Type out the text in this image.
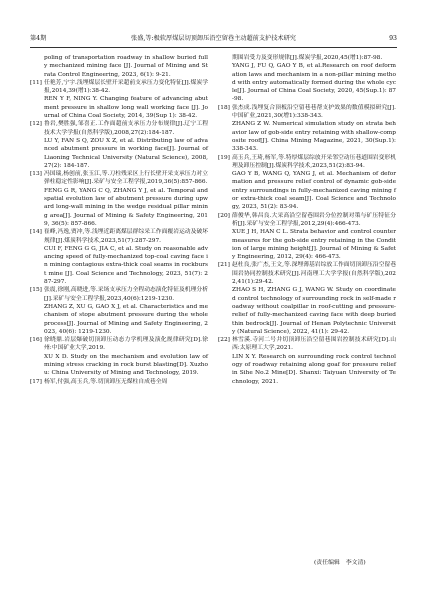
第4期	张盛,等:极软厚煤层切顶卸压沿空留巷主动超前支护技术研究	93
poling of transportation roadway in shallow buried fully mechanized mining face [J]. Journal of Mining and Strata Control Engineering, 2023, 6(1): 9-21.
[11] 任艳芳,宁宇.浅埋煤层长壁开采超前支承压力变化特征[J].煤炭学报,2014,39(增1):38-42.
REN Y F, NING Y. Changing feature of advancing abutment pressure in shallow long wall working face [J]. Journal of China Coal Society, 2014, 39(Sup 1): 38-42.
[12] 鲁岩,樊胜强,邹喜正.工作面超前支承压力分布规律[J].辽宁工程技术大学学报(自然科学版),2008,27(2):184-187.
LU Y, FAN S Q, ZOU X Z, et al. Distributing law of advanced abutment pressure in working face[J]. Journal of Liaoning Technical University (Natural Science), 2008, 27(2): 184-187.
[13] 冯国瑞,杨创前,张玉江,等.刀柱残采区上行长壁开采支承压力对立弹柱稳定性影响[J].采矿与安全工程学报,2019,36(5):857-866.
FENG G R, YANG C Q, ZHANG Y J, et al. Temporal and spatial evolution law of abutment pressure during upward long-wall mining in the wedge residual pillar mining area[J]. Journal of Mining & Safety Engineering, 2019, 36(5): 857-866.
[14] 崔峰,冯逸,贾冲,等.浅埋近距离煤层群综采工作面覆岩运动及破坏规律[J].煤炭科学技术,2023,51(7):287-297.
CUI F, FENG G G, JIA C, et al. Study on reasonable advancing speed of fully-mechanized top-coal caving face in mining contagious extra-thick coal seams in rockburst mine [J]. Coal Science and Technology, 2023, 51(7): 287-297.
[15] 张震,徐刚,高晓进,等.采场支承压力全程动态演化特征及机理分析[J].采矿与安全工程学报,2023,40(6):1219-1230.
ZHANG Z, XU G, GAO X J, et al. Characteristics and mechanism of stope abutment pressure during the whole process[J]. Journal of Mining and Safety Engineering, 2023, 40(6): 1219-1230.
[16] 徐晓鼎.岩层爆破切顶卸压动态力学机理及演化规律研究[D].徐州:中国矿业大学,2019.
XU X D. Study on the mechanism and evolution law of mining stress cracking in rock burst blasting[D]. Xuzhou: China University of Mining and Technology, 2019.
[17] 杨军,付强,高玉兵,等.切顶卸压无煤柱自成巷全周
期围岩受力及变形规律[J].煤炭学报,2020,45(增1):87-98.
YANG J, FU Q, GAO Y B, et al.Research on roof deformation laws and mechanism in a non-pillar mining method with entry automatically formed during the whole cycle[J]. Journal of China Coal Society, 2020, 45(Sup.1): 87-98.
[18] 张杰成.浅埋复合顶板沿空留巷巷帮支护效果的数值模拟研究[J].中国矿业,2021,30(增1):338-343.
ZHANG Z W. Numerical simulation study on strata behavior law of gob-side entry retaining with shallow-composite roof[J]. China Mining Magazine, 2021, 30(Sup.1): 338-343.
[19] 高玉兵,王琦,杨军,等.特厚煤层综放开采邻空动压巷道围岩变形机理及卸压控制[J].煤炭科学技术,2023,51(2):83-94.
GAO Y B, WANG Q, YANG J, et al. Mechanism of deformation and pressure relief control of dynamic gob-side entry surroundings in fully-mechanized caving mining for extra-thick coal seam[J]. Coal Science and Technology, 2023, 51(2): 83-94.
[20] 薛俊华,韩昌良.大采高沿空留巷围岩分位控制对策与矿压特征分析[J].采矿与安全工程学报,2012,29(4):466-473.
XUE J H, HAN C L. Strata behavior and control countermeasures for the gob-side entry retaining in the Condition of large mining height[J]. Journal of Mining & Safety Engineering, 2012, 29(4): 466-473.
[21] 赵杜良,张广杰,王文,等.深埋薄基岩综放工作面切顶卸压沿空留巷围岩协同控制技术研究[J].河南理工大学学报(自然科学版),2022,41(1):29-42.
ZHAO S H, ZHANG G J, WANG W. Study on coordinated control technology of surrounding rock in self-made roadway without coalpillar in roof-cutting and pressure-relief of fully-mechanized caving face with deep buried thin bedrock[J]. Journal of Henan Polytechnic University (Natural Science), 2022, 41(1): 29-42.
[22] 林雪溪.寺河二号井切顶卸压沿空留巷围岩控制技术研究[D].山西:太原理工大学,2021.
LIN X Y. Research on surrounding rock control technology of roadway retaining along goaf for pressure relief in Sihe No.2 Mine[D]. Shanxi: Taiyuan University of Technology, 2021.
(责任编辑　李文清)
